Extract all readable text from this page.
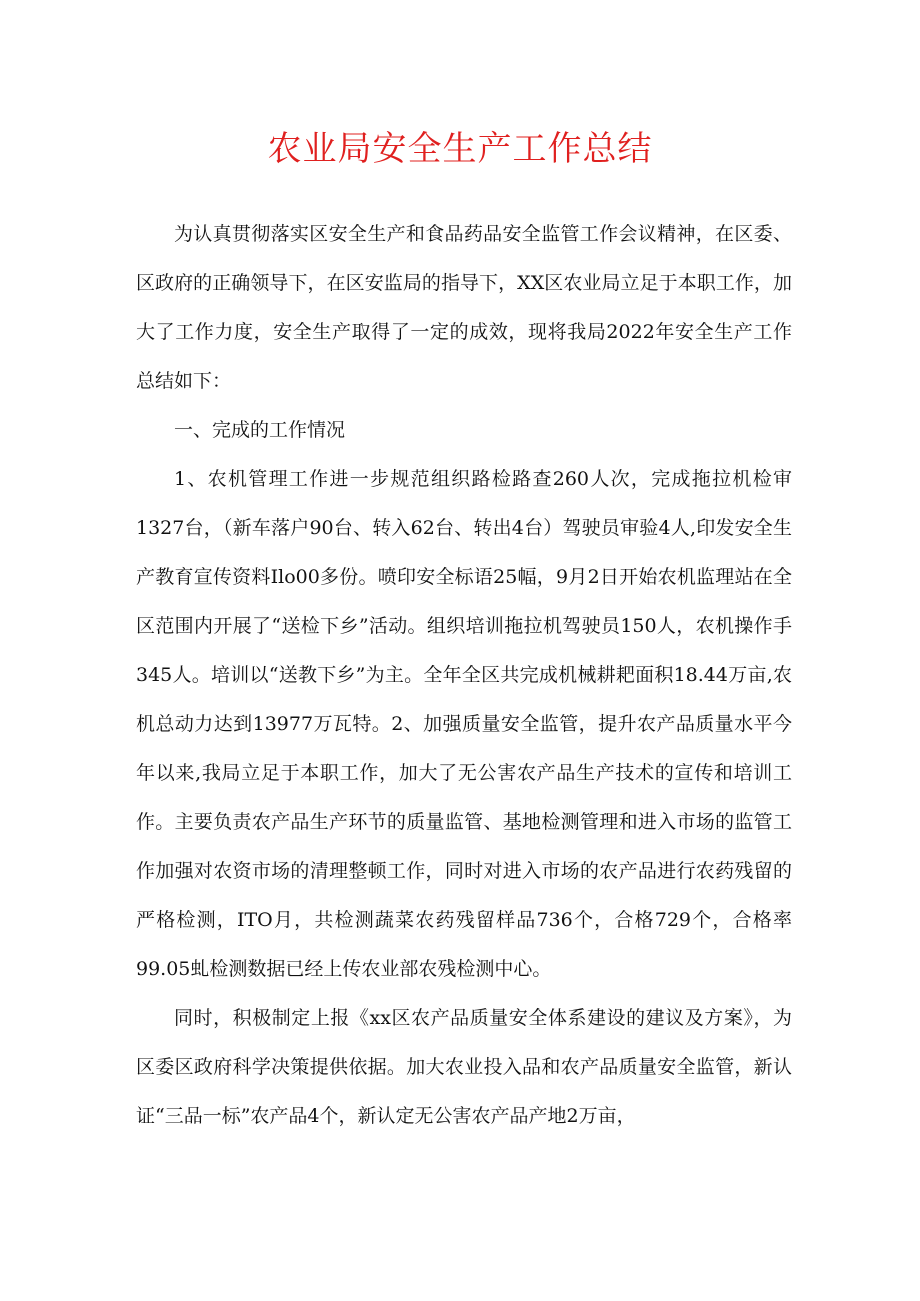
农业局安全生产工作总结

为认真贯彻落实区安全生产和食品药品安全监管工作会议精神，在区委、区政府的正确领导下，在区安监局的指导下，XX区农业局立足于本职工作，加大了工作力度，安全生产取得了一定的成效，现将我局2022年安全生产工作总结如下：

一、完成的工作情况

1、农机管理工作进一步规范组织路检路查260人次，完成拖拉机检审1327台，（新车落户90台、转入62台、转出4台）驾驶员审验4人,印发安全生产教育宣传资料Ilo00多份。喷印安全标语25幅，9月2日开始农机监理站在全区范围内开展了“送检下乡”活动。组织培训拖拉机驾驶员150人，农机操作手345人。培训以“送教下乡”为主。全年全区共完成机械耕耙面积18.44万亩,农机总动力达到13977万瓦特。2、加强质量安全监管，提升农产品质量水平今年以来,我局立足于本职工作，加大了无公害农产品生产技术的宣传和培训工作。主要负责农产品生产环节的质量监管、基地检测管理和进入市场的监管工作加强对农资市场的清理整顿工作，同时对进入市场的农产品进行农药残留的严格检测，ITO月，共检测蔬菜农药残留样品736个，合格729个，合格率99.05虬检测数据已经上传农业部农残检测中心。

同时，积极制定上报《xx区农产品质量安全体系建设的建议及方案》，为区委区政府科学决策提供依据。加大农业投入品和农产品质量安全监管，新认证“三品一标”农产品4个，新认定无公害农产品产地2万亩，
